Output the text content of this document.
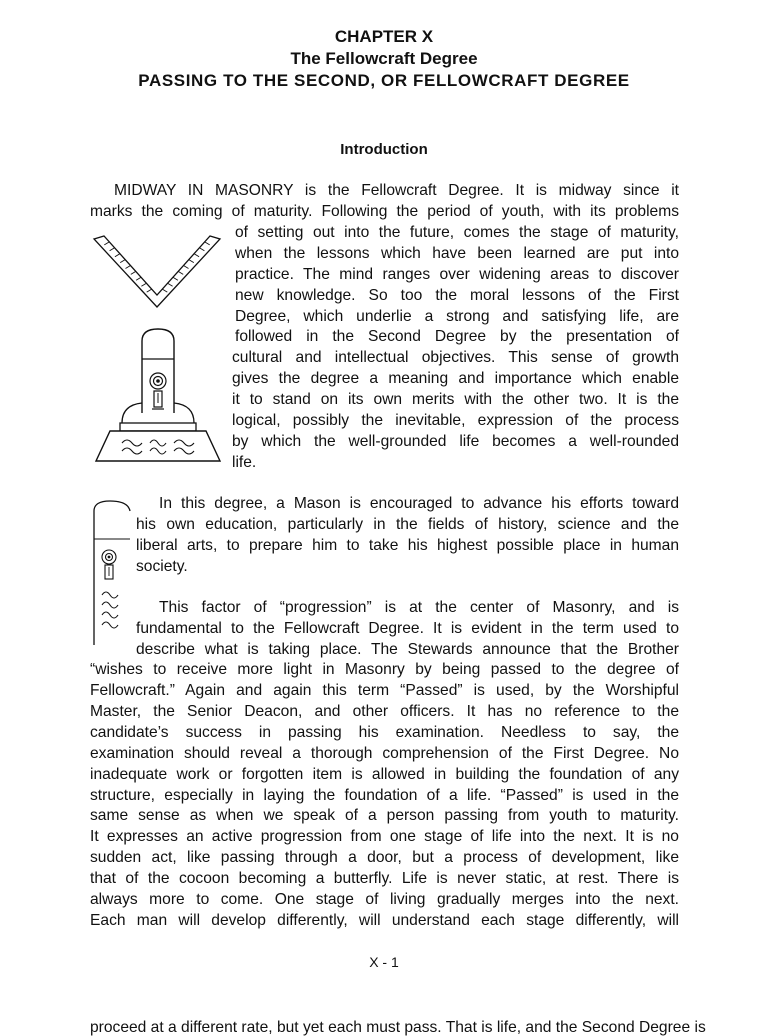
CHAPTER X
The Fellowcraft Degree
PASSING TO THE SECOND, OR FELLOWCRAFT DEGREE
Introduction
MIDWAY IN MASONRY is the Fellowcraft Degree. It is midway since it
marks the coming of maturity. Following the period of youth, with its problems
of setting out into the future, comes the stage of maturity,
when the lessons which have been learned are put into
practice. The mind ranges over widening areas to discover
new knowledge. So too the moral lessons of the First
Degree, which underlie a strong and satisfying life, are
followed in the Second Degree by the presentation of
cultural and intellectual objectives. This sense of growth
gives the degree a meaning and importance which enable
it to stand on its own merits with the other two. It is the
logical, possibly the inevitable, expression of the process
by which the well-grounded life becomes a well-rounded
life.
In this degree, a Mason is encouraged to advance his efforts toward
his own education, particularly in the fields of history, science and the
liberal arts, to prepare him to take his highest possible place in human
society.
This factor of “progression” is at the center of Masonry, and is
fundamental to the Fellowcraft Degree. It is evident in the term used to
describe what is taking place. The Stewards announce that the Brother
“wishes to receive more light in Masonry by being passed to the degree of
Fellowcraft.” Again and again this term “Passed” is used, by the Worshipful
Master, the Senior Deacon, and other officers. It has no reference to the
candidate’s success in passing his examination. Needless to say, the
examination should reveal a thorough comprehension of the First Degree. No
inadequate work or forgotten item is allowed in building the foundation of any
structure, especially in laying the foundation of a life. “Passed” is used in the
same sense as when we speak of a person passing from youth to maturity.
It expresses an active progression from one stage of life into the next. It is no
sudden act, like passing through a door, but a process of development, like
that of the cocoon becoming a butterfly. Life is never static, at rest. There is
always more to come. One stage of living gradually merges into the next.
Each man will develop differently, will understand each stage differently, will
X - 1
proceed at a different rate, but yet each must pass. That is life, and the Second Degree is
